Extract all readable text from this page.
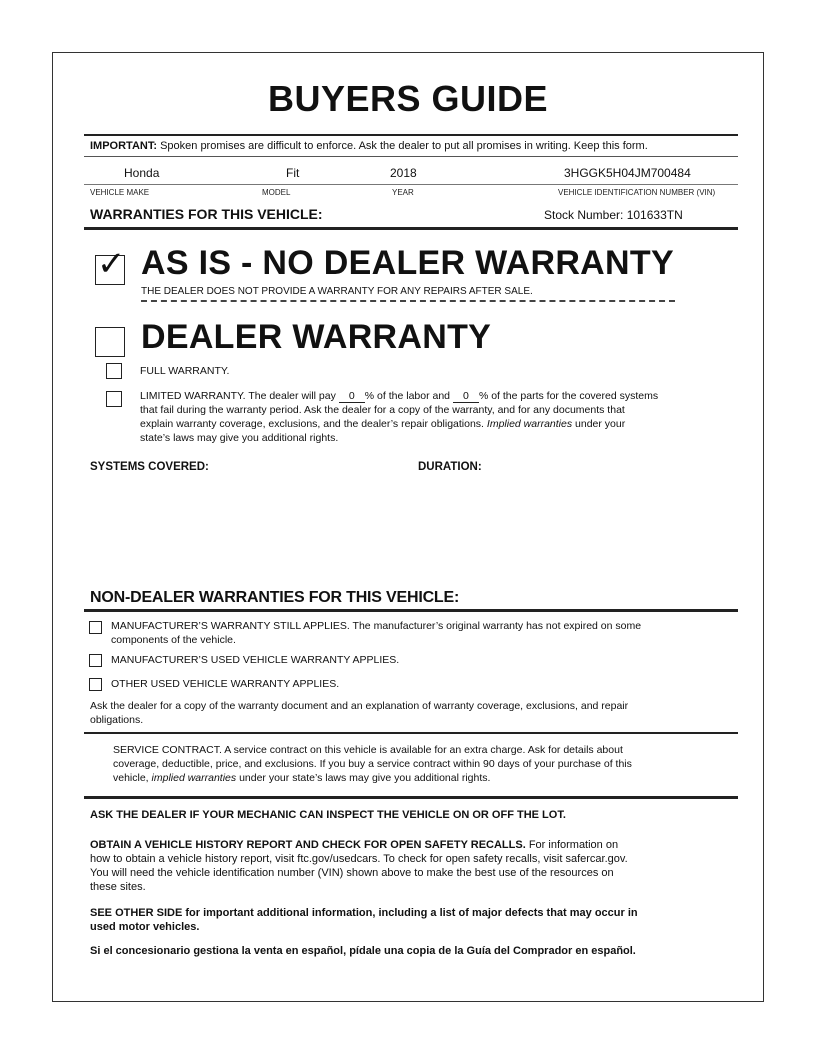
BUYERS GUIDE
IMPORTANT: Spoken promises are difficult to enforce. Ask the dealer to put all promises in writing. Keep this form.
Honda	Fit	2018	3HGGK5H04JM700484
VEHICLE MAKE	MODEL	YEAR	VEHICLE IDENTIFICATION NUMBER (VIN)
WARRANTIES FOR THIS VEHICLE:	Stock Number: 101633TN
✓ AS IS - NO DEALER WARRANTY
THE DEALER DOES NOT PROVIDE A WARRANTY FOR ANY REPAIRS AFTER SALE.
DEALER WARRANTY
FULL WARRANTY.
LIMITED WARRANTY. The dealer will pay 0 % of the labor and 0 % of the parts for the covered systems
that fail during the warranty period. Ask the dealer for a copy of the warranty, and for any documents that
explain warranty coverage, exclusions, and the dealer’s repair obligations. Implied warranties under your
state’s laws may give you additional rights.
SYSTEMS COVERED:	DURATION:
NON-DEALER WARRANTIES FOR THIS VEHICLE:
MANUFACTURER’S WARRANTY STILL APPLIES. The manufacturer’s original warranty has not expired on some
components of the vehicle.
MANUFACTURER’S USED VEHICLE WARRANTY APPLIES.
OTHER USED VEHICLE WARRANTY APPLIES.
Ask the dealer for a copy of the warranty document and an explanation of warranty coverage, exclusions, and repair
obligations.
SERVICE CONTRACT. A service contract on this vehicle is available for an extra charge. Ask for details about
coverage, deductible, price, and exclusions. If you buy a service contract within 90 days of your purchase of this
vehicle, implied warranties under your state’s laws may give you additional rights.
ASK THE DEALER IF YOUR MECHANIC CAN INSPECT THE VEHICLE ON OR OFF THE LOT.
OBTAIN A VEHICLE HISTORY REPORT AND CHECK FOR OPEN SAFETY RECALLS. For information on
how to obtain a vehicle history report, visit ftc.gov/usedcars. To check for open safety recalls, visit safercar.gov.
You will need the vehicle identification number (VIN) shown above to make the best use of the resources on
these sites.
SEE OTHER SIDE for important additional information, including a list of major defects that may occur in
used motor vehicles.
Si el concesionario gestiona la venta en español, pídale una copia de la Guía del Comprador en español.
